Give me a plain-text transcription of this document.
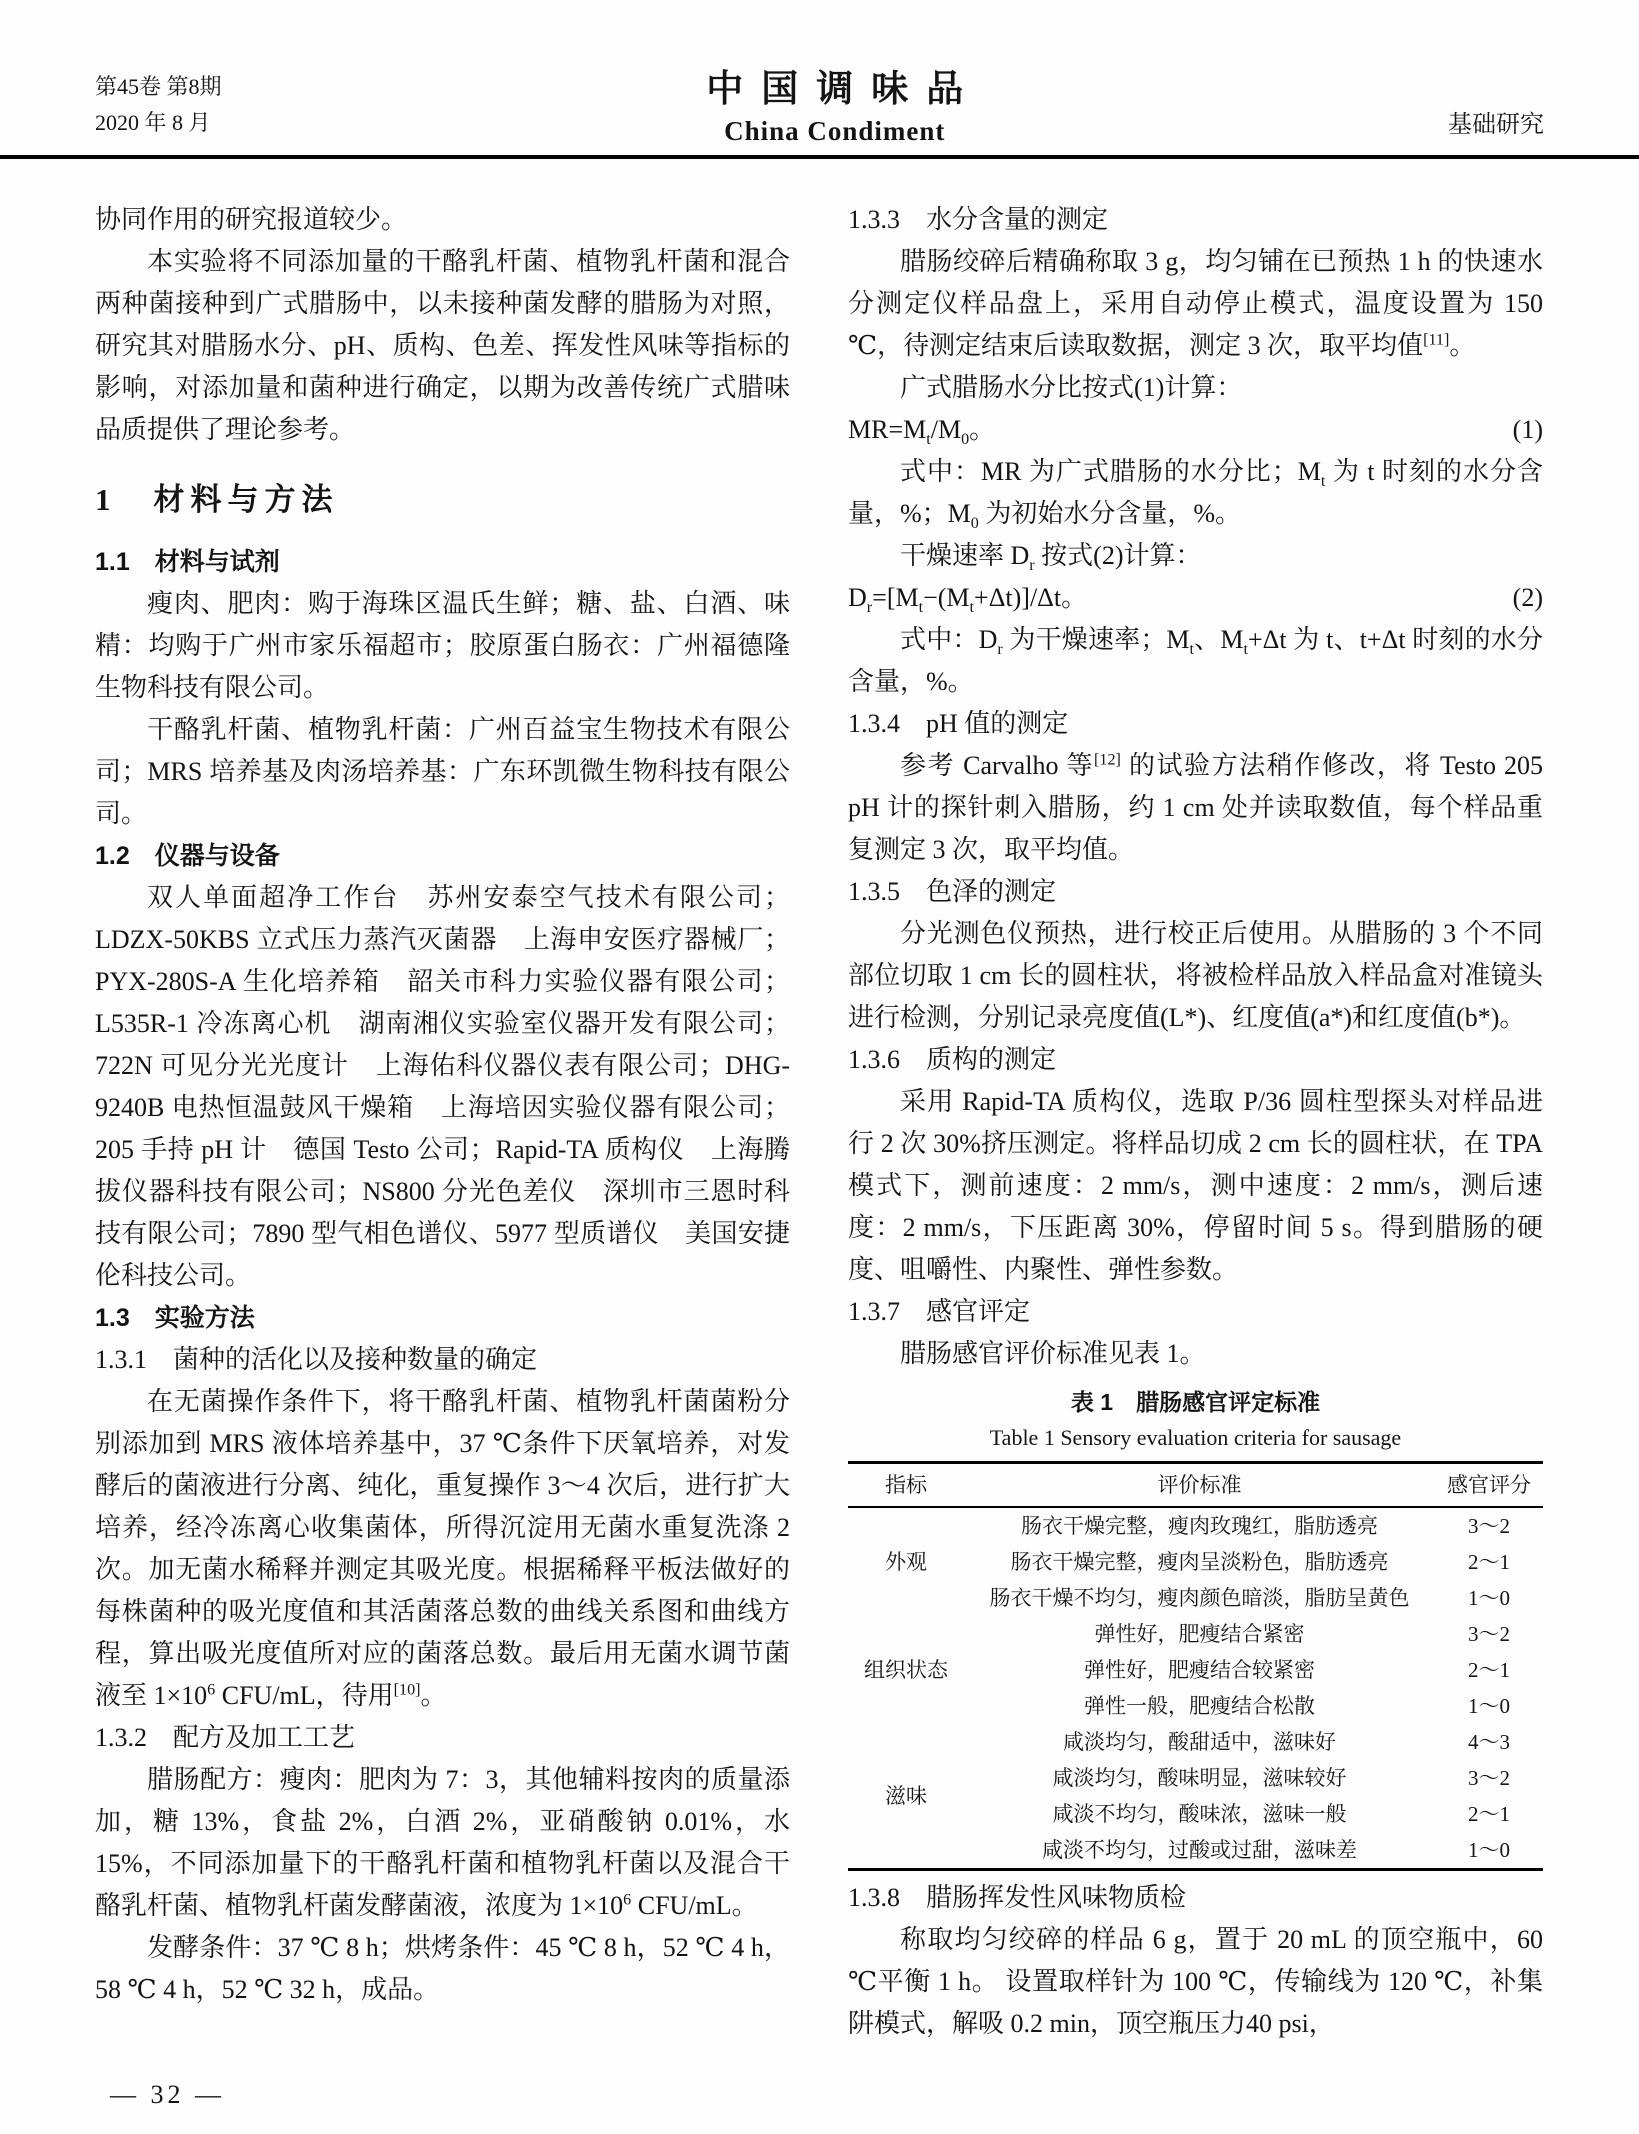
第45卷 第8期
2020 年 8 月
中国调味品
China Condiment	基础研究

协同作用的研究报道较少。

本实验将不同添加量的干酪乳杆菌、植物乳杆菌和混合两种菌接种到广式腊肠中，以未接种菌发酵的腊肠为对照，研究其对腊肠水分、pH、质构、色差、挥发性风味等指标的影响，对添加量和菌种进行确定，以期为改善传统广式腊味品质提供了理论参考。

1　材料与方法
1.1　材料与试剂

瘦肉、肥肉：购于海珠区温氏生鲜；糖、盐、白酒、味精：均购于广州市家乐福超市；胶原蛋白肠衣：广州福德隆生物科技有限公司。

干酪乳杆菌、植物乳杆菌：广州百益宝生物技术有限公司；MRS 培养基及肉汤培养基：广东环凯微生物科技有限公司。

1.2　仪器与设备

双人单面超净工作台　苏州安泰空气技术有限公司；LDZX-50KBS 立式压力蒸汽灭菌器　上海申安医疗器械厂；PYX-280S-A 生化培养箱　韶关市科力实验仪器有限公司；L535R-1 冷冻离心机　湖南湘仪实验室仪器开发有限公司；722N 可见分光光度计　上海佑科仪器仪表有限公司；DHG-9240B 电热恒温鼓风干燥箱　上海培因实验仪器有限公司；205 手持 pH 计　德国 Testo 公司；Rapid-TA 质构仪　上海腾拔仪器科技有限公司；NS800 分光色差仪　深圳市三恩时科技有限公司；7890 型气相色谱仪、5977 型质谱仪　美国安捷伦科技公司。

1.3　实验方法
1.3.1　菌种的活化以及接种数量的确定

在无菌操作条件下，将干酪乳杆菌、植物乳杆菌菌粉分别添加到 MRS 液体培养基中，37 ℃条件下厌氧培养，对发酵后的菌液进行分离、纯化，重复操作 3～4 次后，进行扩大培养，经冷冻离心收集菌体，所得沉淀用无菌水重复洗涤 2 次。加无菌水稀释并测定其吸光度。根据稀释平板法做好的每株菌种的吸光度值和其活菌落总数的曲线关系图和曲线方程，算出吸光度值所对应的菌落总数。最后用无菌水调节菌液至 $1\times 10^6$ CFU/mL，待用[10]。

1.3.2　配方及加工工艺

腊肠配方：瘦肉：肥肉为 7：3，其他辅料按肉的质量添加，糖 13%，食盐 2%，白酒 2%，亚硝酸钠 0.01%，水 15%，不同添加量下的干酪乳杆菌和植物乳杆菌以及混合干酪乳杆菌、植物乳杆菌发酵菌液，浓度为 $1\times 10^6$ CFU/mL。

发酵条件：37 ℃ 8 h；烘烤条件：45 ℃ 8 h，52 ℃ 4 h，58 ℃ 4 h，52 ℃ 32 h，成品。

1.3.3　水分含量的测定

腊肠绞碎后精确称取 3 g，均匀铺在已预热 1 h 的快速水分测定仪样品盘上，采用自动停止模式，温度设置为 150 ℃，待测定结束后读取数据，测定 3 次，取平均值[11]。

广式腊肠水分比按式(1)计算：

$MR=M_t/M_0$。	(1)

式中：MR 为广式腊肠的水分比；$M_t$ 为 t 时刻的水分含量，%；$M_0$ 为初始水分含量，%。

干燥速率 $D_r$ 按式(2)计算：

$D_r=[M_t-(M_t+\Delta t)]/\Delta t$。	(2)

式中：$D_r$ 为干燥速率；$M_t$、$M_t+\Delta t$ 为 t、t+Δt 时刻的水分含量，%。

1.3.4　pH 值的测定

参考 Carvalho 等[12] 的试验方法稍作修改，将 Testo 205 pH 计的探针刺入腊肠，约 1 cm 处并读取数值，每个样品重复测定 3 次，取平均值。

1.3.5　色泽的测定

分光测色仪预热，进行校正后使用。从腊肠的 3 个不同部位切取 1 cm 长的圆柱状，将被检样品放入样品盒对准镜头进行检测，分别记录亮度值(L*)、红度值(a*)和红度值(b*)。

1.3.6　质构的测定

采用 Rapid-TA 质构仪，选取 P/36 圆柱型探头对样品进行 2 次 30%挤压测定。将样品切成 2 cm 长的圆柱状，在 TPA 模式下，测前速度：2 mm/s，测中速度：2 mm/s，测后速度：2 mm/s，下压距离 30%，停留时间 5 s。得到腊肠的硬度、咀嚼性、内聚性、弹性参数。

1.3.7　感官评定

腊肠感官评价标准见表 1。

表 1　腊肠感官评定标准
Table 1 Sensory evaluation criteria for sausage
指标	评价标准	感官评分
外观	肠衣干燥完整，瘦肉玫瑰红，脂肪透亮	3～2
	肠衣干燥完整，瘦肉呈淡粉色，脂肪透亮	2～1
	肠衣干燥不均匀，瘦肉颜色暗淡，脂肪呈黄色	1～0
组织状态	弹性好，肥瘦结合紧密	3～2
	弹性好，肥瘦结合较紧密	2～1
	弹性一般，肥瘦结合松散	1～0
滋味	咸淡均匀，酸甜适中，滋味好	4～3
	咸淡均匀，酸味明显，滋味较好	3～2
	咸淡不均匀，酸味浓，滋味一般	2～1
	咸淡不均匀，过酸或过甜，滋味差	1～0
1.3.8　腊肠挥发性风味物质检

称取均匀绞碎的样品 6 g，置于 20 mL 的顶空瓶中，60 ℃平衡 1 h。 设置取样针为 100 ℃，传输线为 120 ℃，补集阱模式，解吸 0.2 min，顶空瓶压力40 psi，

— 32 —
